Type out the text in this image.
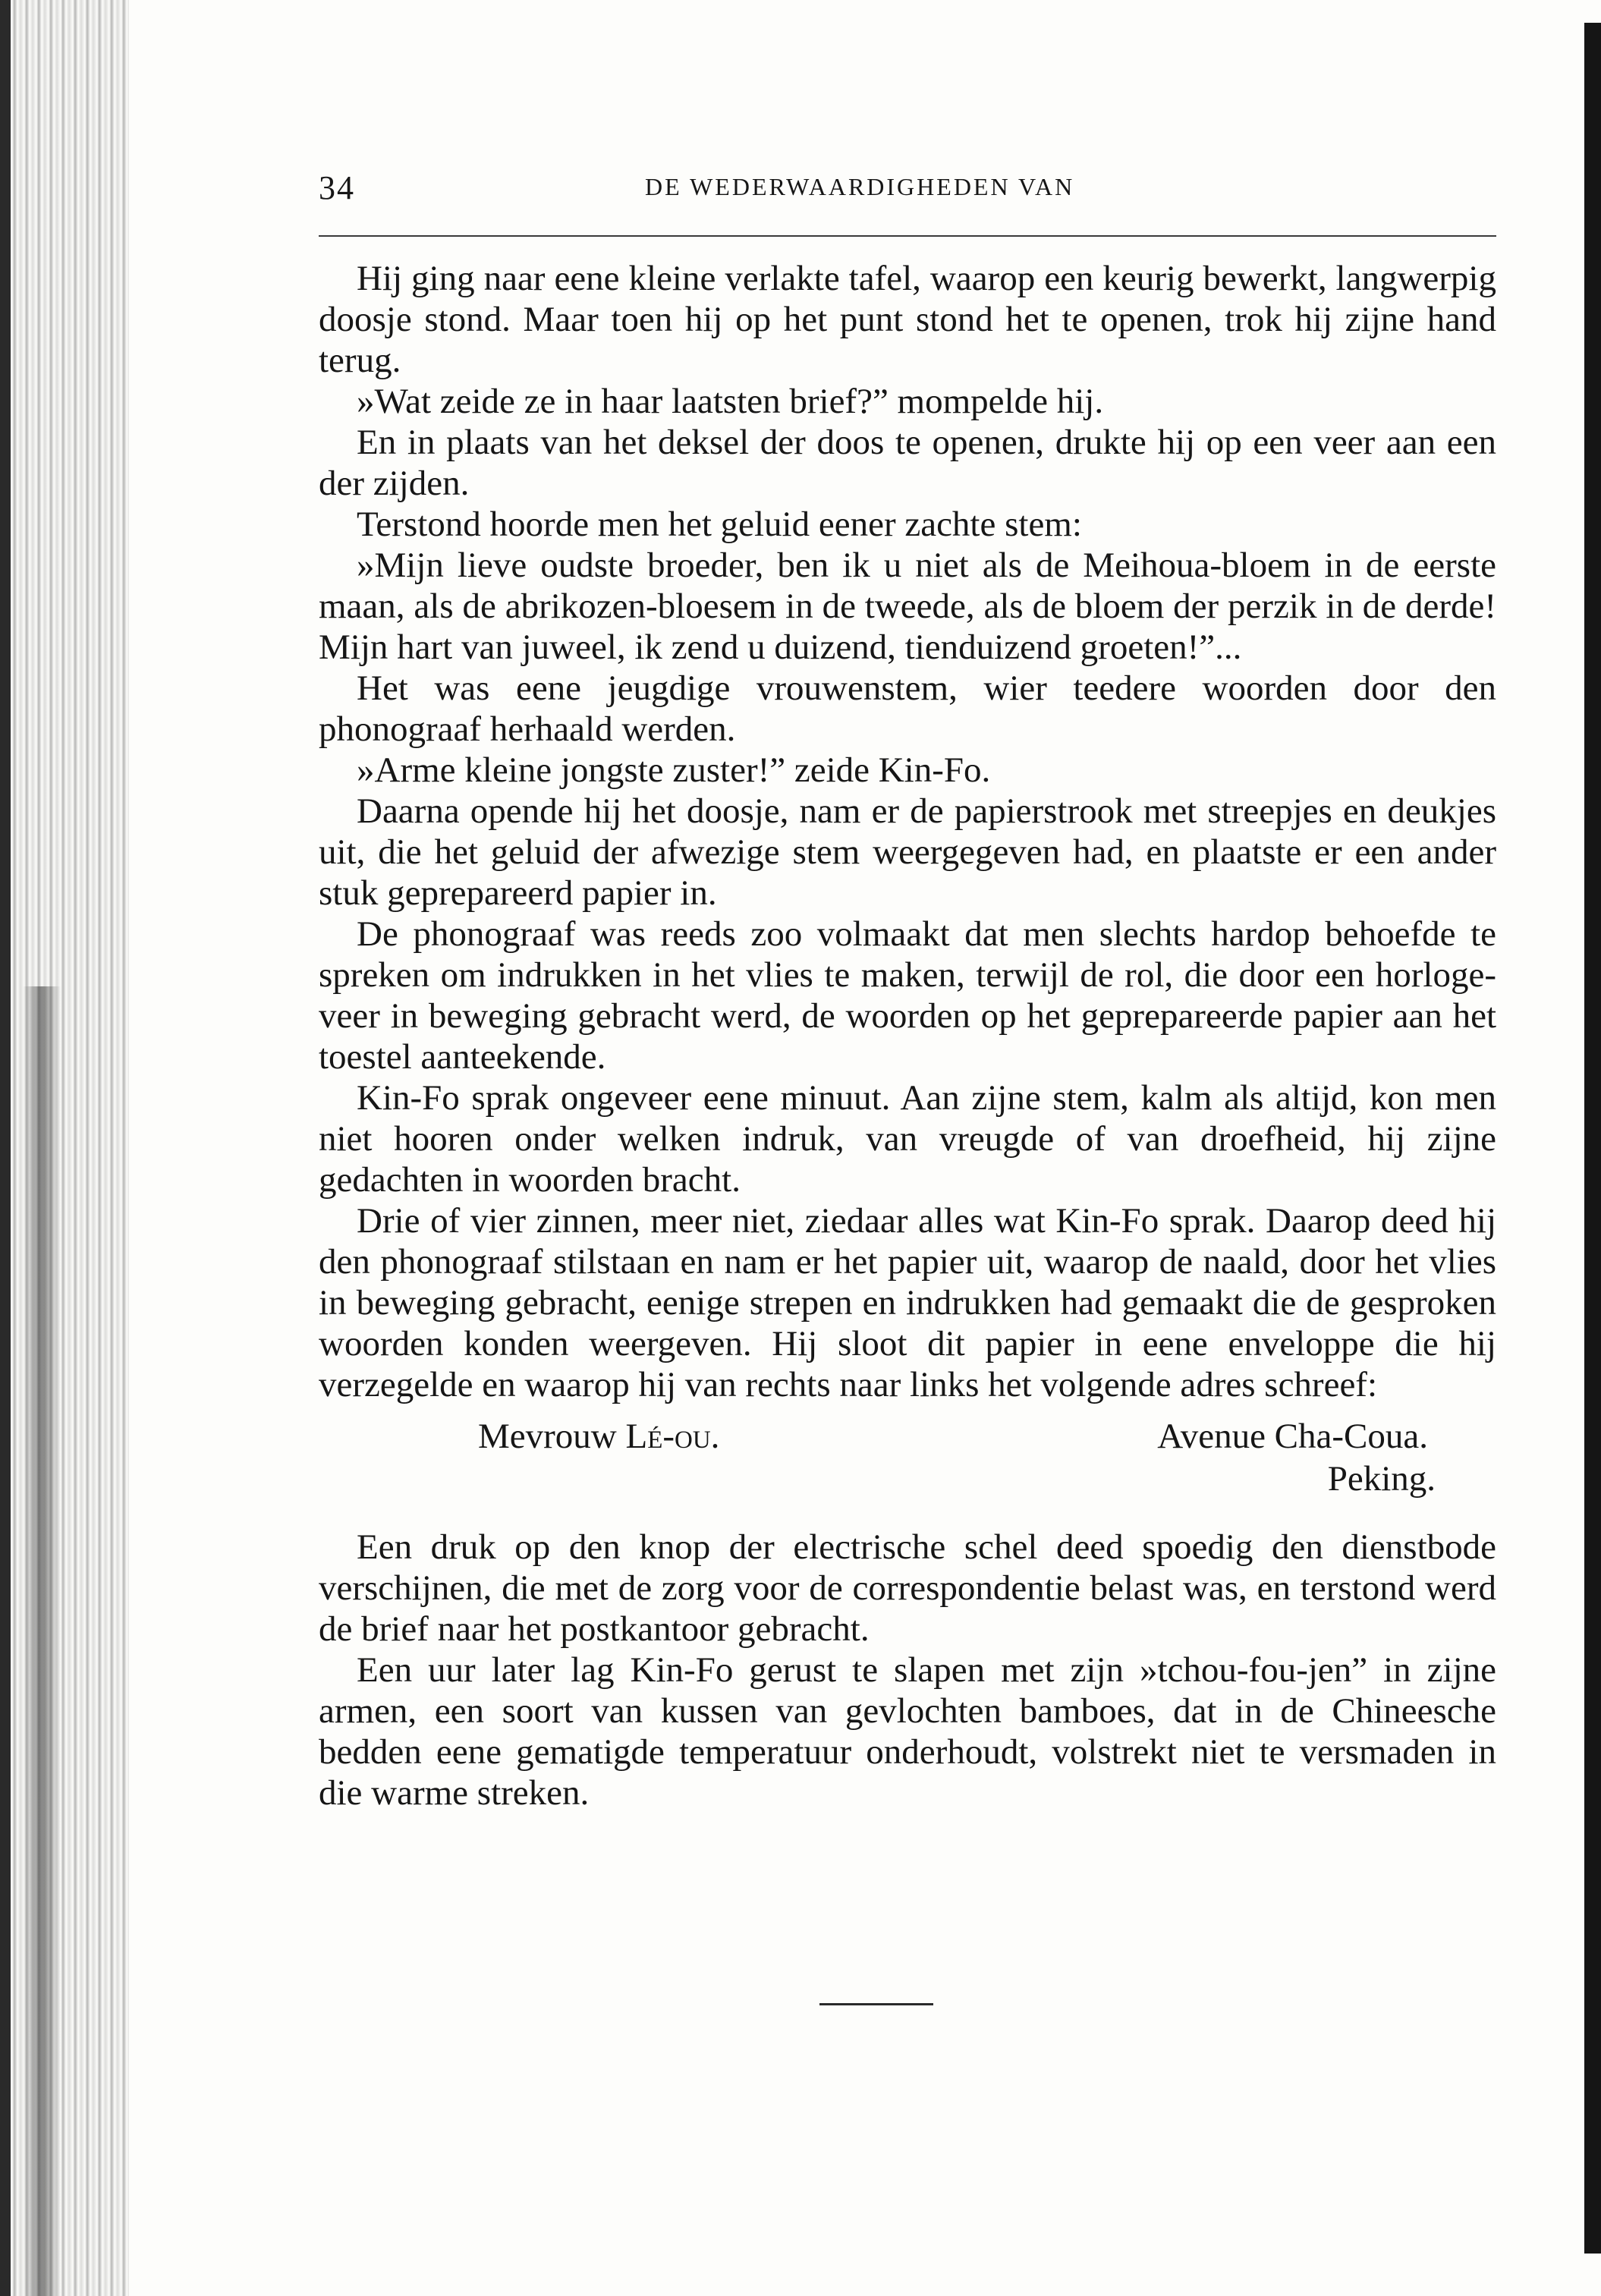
34	DE WEDERWAARDIGHEDEN VAN

Hij ging naar eene kleine verlakte tafel, waarop een keurig bewerkt, langwerpig doosje stond. Maar toen hij op het punt stond het te openen, trok hij zijne hand terug.

»Wat zeide ze in haar laatsten brief?” mompelde hij.

En in plaats van het deksel der doos te openen, drukte hij op een veer aan een der zijden.

Terstond hoorde men het geluid eener zachte stem:

»Mijn lieve oudste broeder, ben ik u niet als de Meihoua-bloem in de eerste maan, als de abrikozen-bloesem in de tweede, als de bloem der perzik in de derde! Mijn hart van juweel, ik zend u duizend, tienduizend groeten!”...

Het was eene jeugdige vrouwenstem, wier teedere woorden door den phonograaf herhaald werden.

»Arme kleine jongste zuster!” zeide Kin-Fo.

Daarna opende hij het doosje, nam er de papierstrook met streepjes en deukjes uit, die het geluid der afwezige stem weergegeven had, en plaatste er een ander stuk geprepareerd papier in.

De phonograaf was reeds zoo volmaakt dat men slechts hardop behoefde te spreken om indrukken in het vlies te maken, terwijl de rol, die door een horloge-veer in beweging gebracht werd, de woorden op het geprepareerde papier aan het toestel aanteekende.

Kin-Fo sprak ongeveer eene minuut. Aan zijne stem, kalm als altijd, kon men niet hooren onder welken indruk, van vreugde of van droefheid, hij zijne gedachten in woorden bracht.

Drie of vier zinnen, meer niet, ziedaar alles wat Kin-Fo sprak. Daarop deed hij den phonograaf stilstaan en nam er het papier uit, waarop de naald, door het vlies in beweging gebracht, eenige strepen en indrukken had gemaakt die de gesproken woorden konden weergeven. Hij sloot dit papier in eene enveloppe die hij verzegelde en waarop hij van rechts naar links het volgende adres schreef:

Mevrouw Lé-ou.	Avenue Cha-Coua.
Peking.

Een druk op den knop der electrische schel deed spoedig den dienstbode verschijnen, die met de zorg voor de correspondentie belast was, en terstond werd de brief naar het postkantoor gebracht.

Een uur later lag Kin-Fo gerust te slapen met zijn »tchou-fou-jen” in zijne armen, een soort van kussen van gevlochten bamboes, dat in de Chineesche bedden eene gematigde temperatuur onderhoudt, volstrekt niet te versmaden in die warme streken.
